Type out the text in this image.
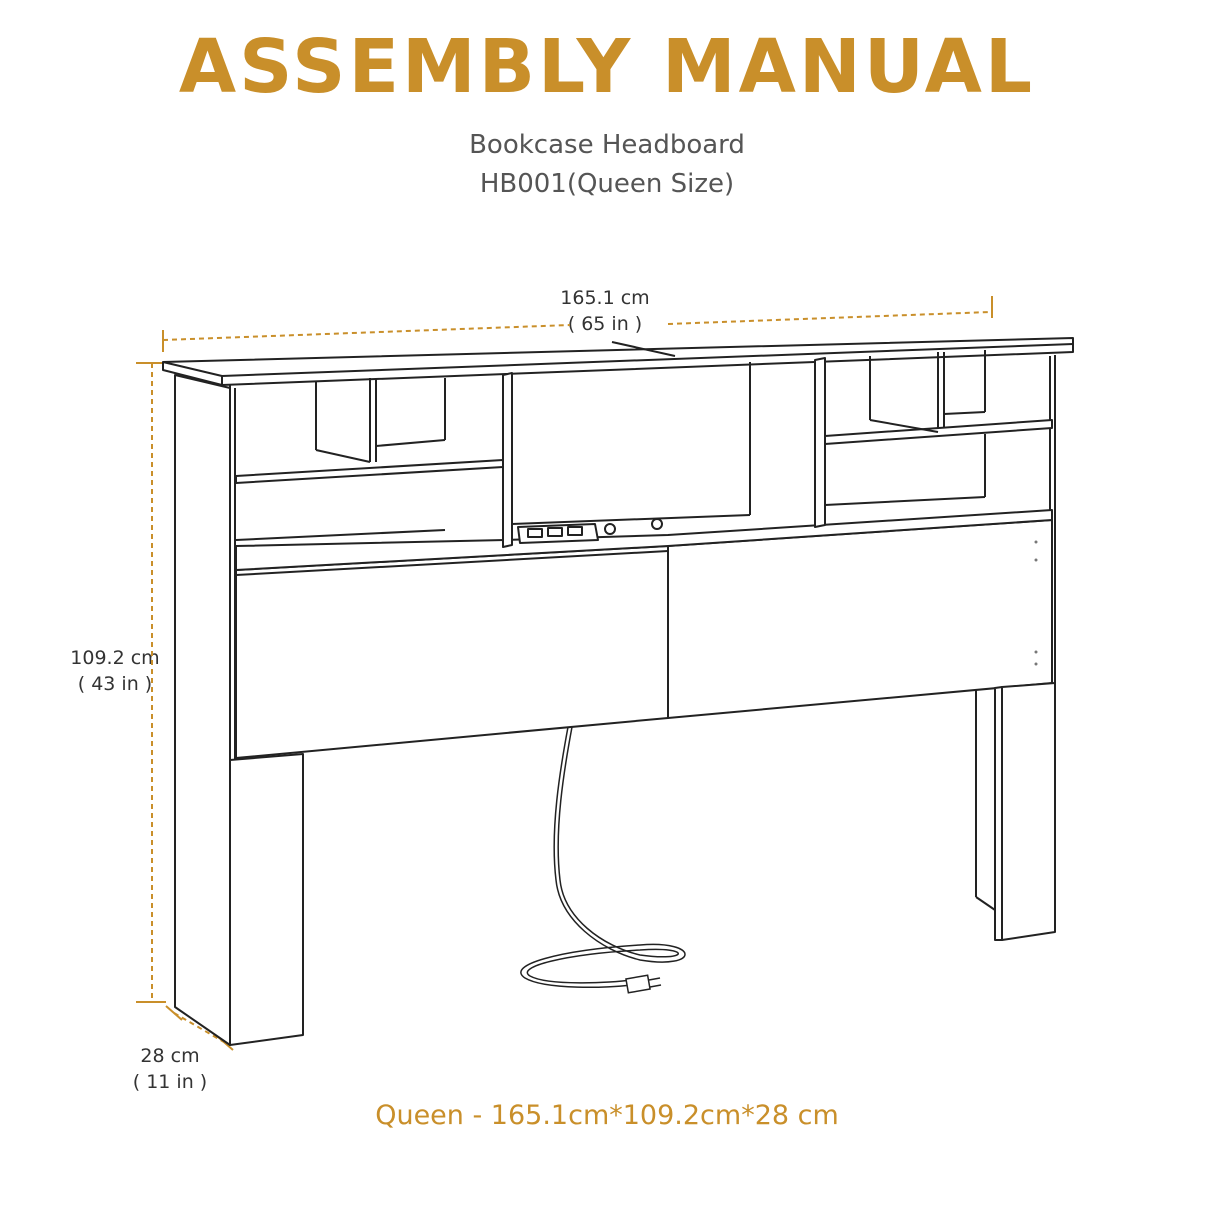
ASSEMBLY MANUAL
Bookcase Headboard
HB001(Queen Size)
165.1 cm
( 65 in )
109.2 cm
( 43 in )
28 cm
( 11 in )
Queen - 165.1cm*109.2cm*28 cm
